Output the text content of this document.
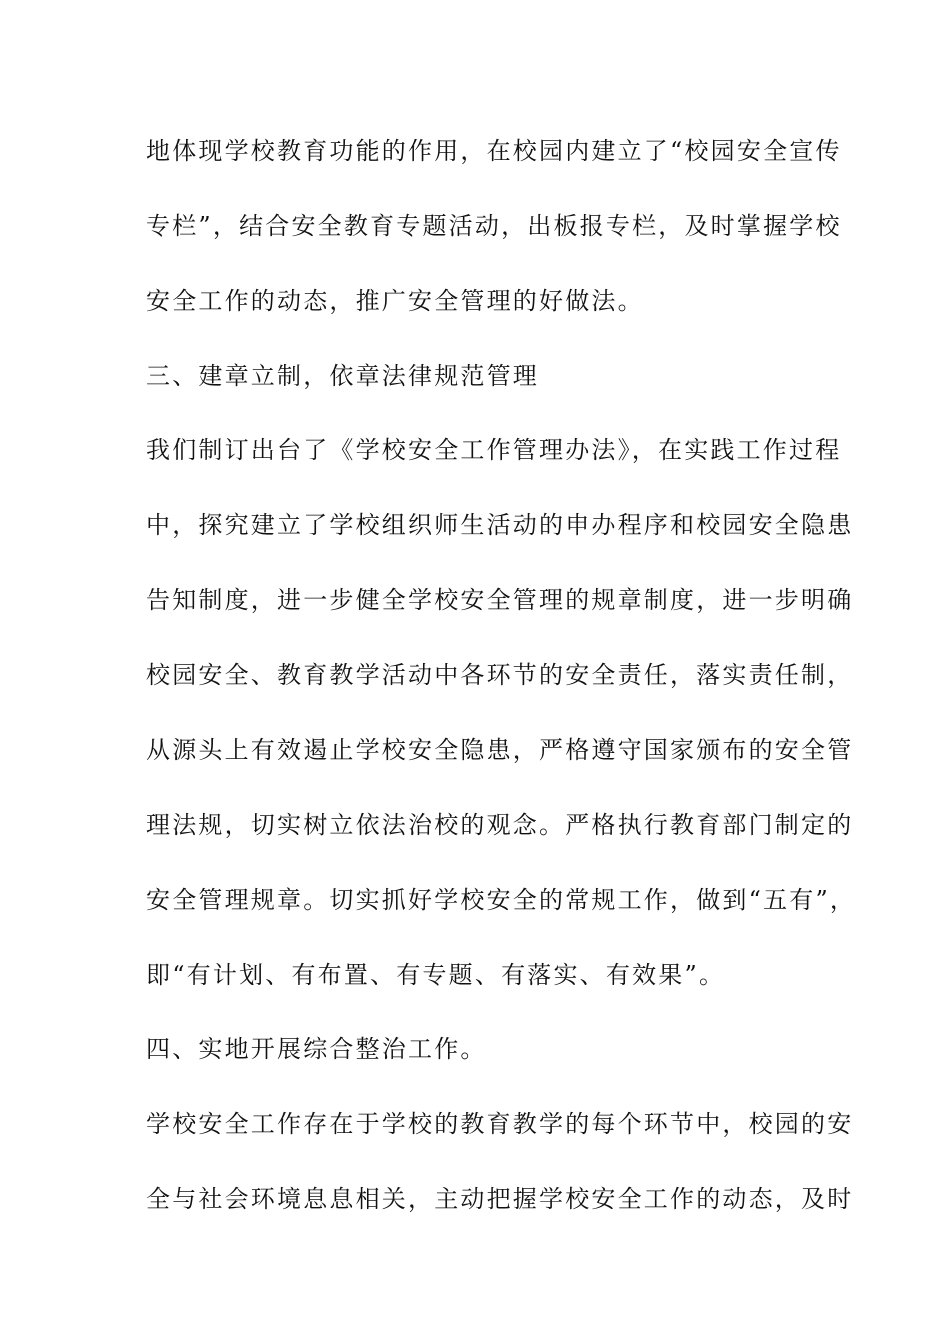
地体现学校教育功能的作用，在校园内建立了“校园安全宣传
专栏”，结合安全教育专题活动，出板报专栏，及时掌握学校
安全工作的动态，推广安全管理的好做法。
三、建章立制，依章法律规范管理
我们制订出台了《学校安全工作管理办法》，在实践工作过程
中，探究建立了学校组织师生活动的申办程序和校园安全隐患
告知制度，进一步健全学校安全管理的规章制度，进一步明确
校园安全、教育教学活动中各环节的安全责任，落实责任制，
从源头上有效遏止学校安全隐患，严格遵守国家颁布的安全管
理法规，切实树立依法治校的观念。严格执行教育部门制定的
安全管理规章。切实抓好学校安全的常规工作，做到“五有”，
即“有计划、有布置、有专题、有落实、有效果”。
四、实地开展综合整治工作。
学校安全工作存在于学校的教育教学的每个环节中，校园的安
全与社会环境息息相关，主动把握学校安全工作的动态，及时
